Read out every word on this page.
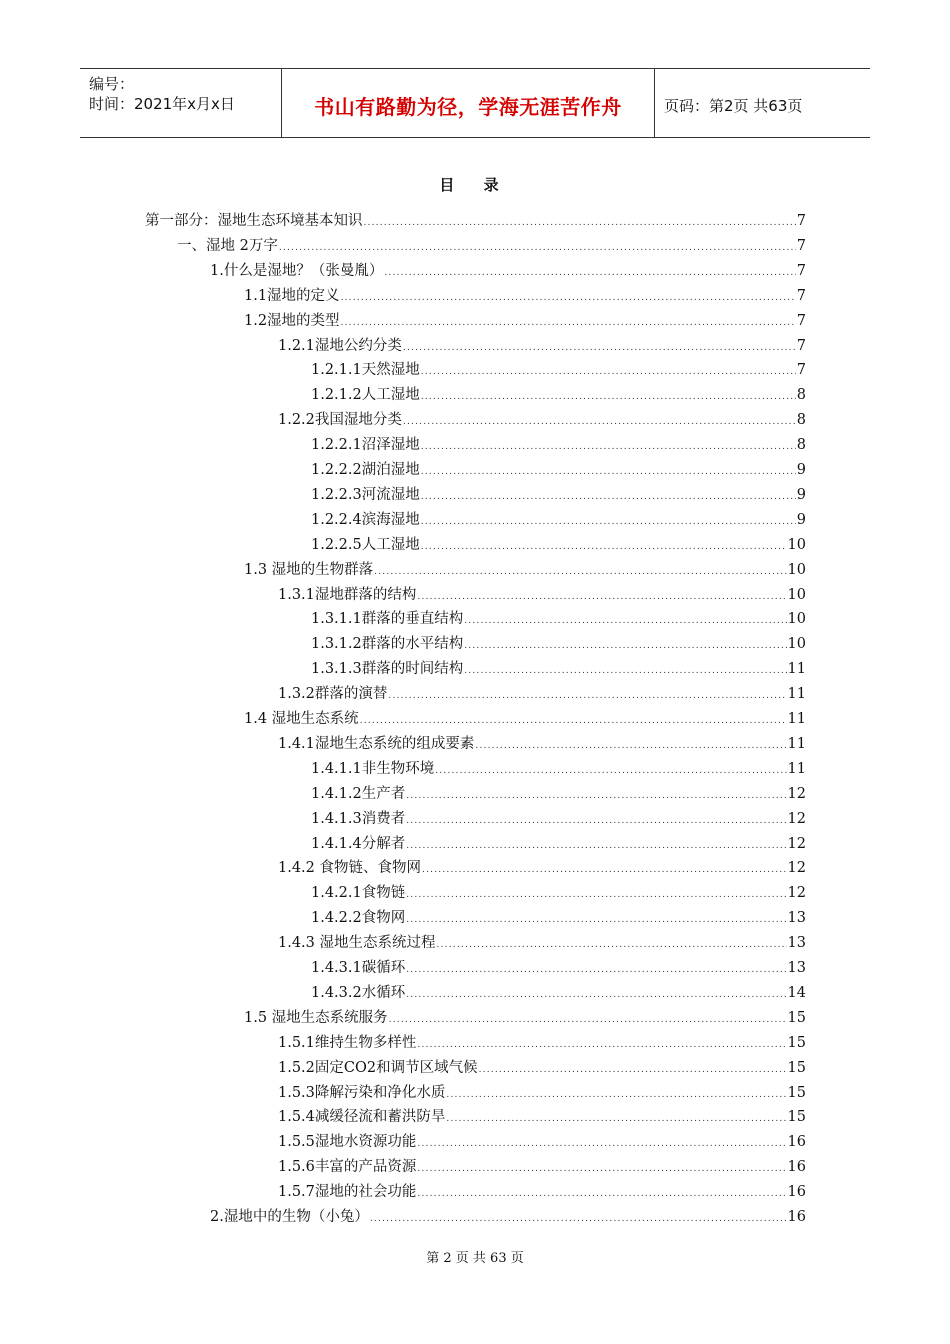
编号：
时间：2021年x月x日	书山有路勤为径，学海无涯苦作舟	页码：第2页 共63页
目 录
第一部分：湿地生态环境基本知识 .....	7
一、湿地 2万字 .....	7
1.什么是湿地？（张曼胤） .....	7
1.1湿地的定义 .....	7
1.2湿地的类型 .....	7
1.2.1湿地公约分类 .....	7
1.2.1.1天然湿地 .....	7
1.2.1.2人工湿地 .....	8
1.2.2我国湿地分类 .....	8
1.2.2.1沼泽湿地 .....	8
1.2.2.2湖泊湿地 .....	9
1.2.2.3河流湿地 .....	9
1.2.2.4滨海湿地 .....	9
1.2.2.5人工湿地 .....	10
1.3 湿地的生物群落 .....	10
1.3.1湿地群落的结构 .....	10
1.3.1.1群落的垂直结构 .....	10
1.3.1.2群落的水平结构 .....	10
1.3.1.3群落的时间结构 .....	11
1.3.2群落的演替 .....	11
1.4 湿地生态系统 .....	11
1.4.1湿地生态系统的组成要素 .....	11
1.4.1.1非生物环境 .....	11
1.4.1.2生产者 .....	12
1.4.1.3消费者 .....	12
1.4.1.4分解者 .....	12
1.4.2 食物链、食物网 .....	12
1.4.2.1食物链 .....	12
1.4.2.2食物网 .....	13
1.4.3 湿地生态系统过程 .....	13
1.4.3.1碳循环 .....	13
1.4.3.2水循环 .....	14
1.5 湿地生态系统服务 .....	15
1.5.1维持生物多样性 .....	15
1.5.2固定CO2和调节区域气候 .....	15
1.5.3降解污染和净化水质 .....	15
1.5.4减缓径流和蓄洪防旱 .....	15
1.5.5湿地水资源功能 .....	16
1.5.6丰富的产品资源 .....	16
1.5.7湿地的社会功能 .....	16
2.湿地中的生物（小兔） .....	16
第 2 页 共 63 页
